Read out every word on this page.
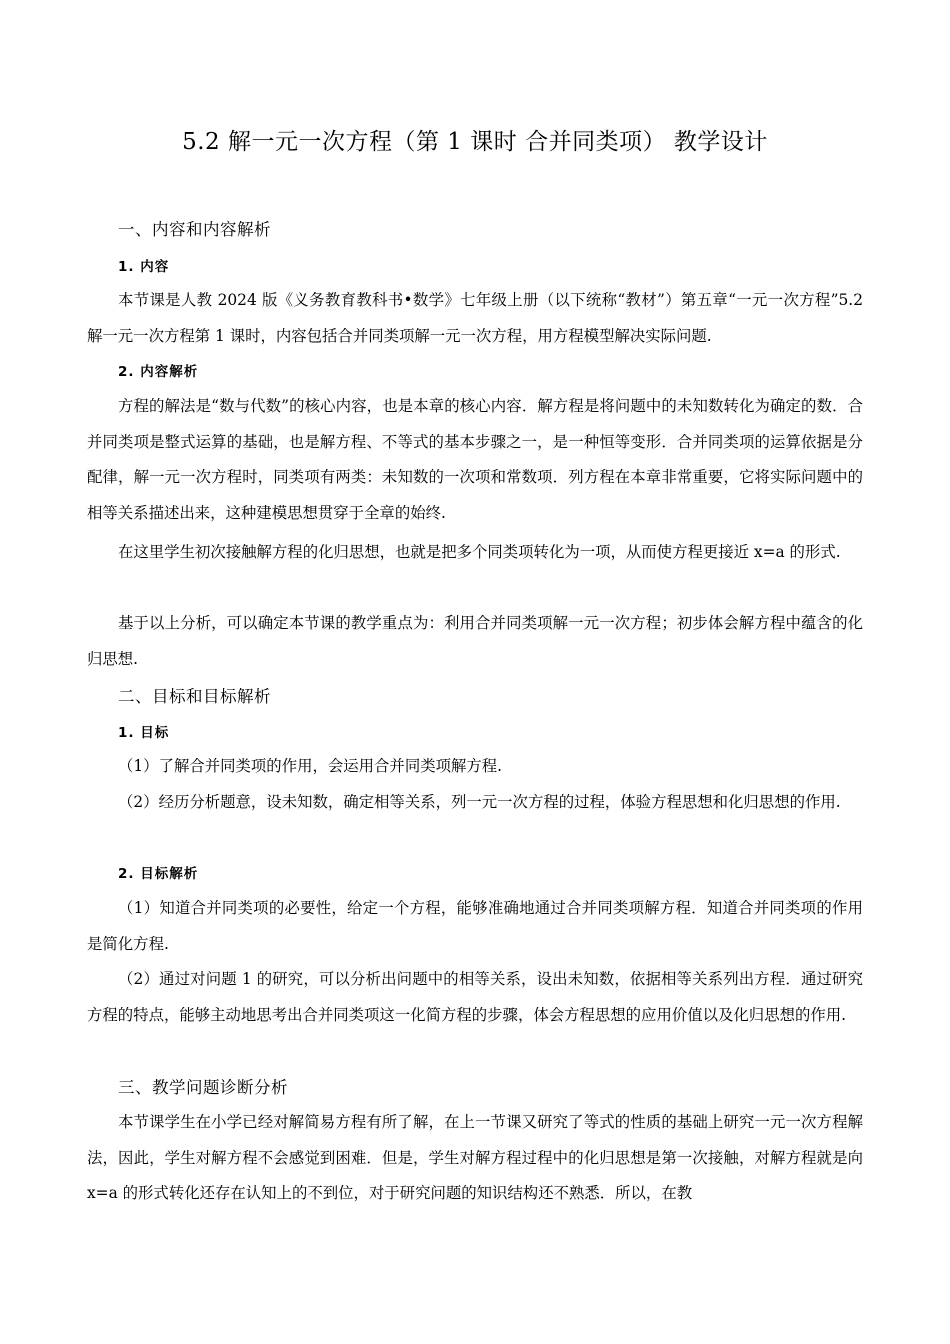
5.2 解一元一次方程（第 1 课时 合并同类项） 教学设计
一、内容和内容解析
1. 内容
本节课是人教 2024 版《义务教育教科书•数学》七年级上册（以下统称“教材”）第五章“一元一次方程”5.2 解一元一次方程第 1 课时，内容包括合并同类项解一元一次方程，用方程模型解决实际问题.
2. 内容解析
方程的解法是“数与代数”的核心内容，也是本章的核心内容．解方程是将问题中的未知数转化为确定的数．合并同类项是整式运算的基础，也是解方程、不等式的基本步骤之一，是一种恒等变形．合并同类项的运算依据是分配律，解一元一次方程时，同类项有两类：未知数的一次项和常数项．列方程在本章非常重要，它将实际问题中的相等关系描述出来，这种建模思想贯穿于全章的始终.
在这里学生初次接触解方程的化归思想，也就是把多个同类项转化为一项，从而使方程更接近 x=a 的形式.
基于以上分析，可以确定本节课的教学重点为：利用合并同类项解一元一次方程；初步体会解方程中蕴含的化归思想.
二、目标和目标解析
1. 目标
（1）了解合并同类项的作用，会运用合并同类项解方程.
（2）经历分析题意，设未知数，确定相等关系，列一元一次方程的过程，体验方程思想和化归思想的作用.
2. 目标解析
（1）知道合并同类项的必要性，给定一个方程，能够准确地通过合并同类项解方程．知道合并同类项的作用是简化方程.
（2）通过对问题 1 的研究，可以分析出问题中的相等关系，设出未知数，依据相等关系列出方程．通过研究方程的特点，能够主动地思考出合并同类项这一化简方程的步骤，体会方程思想的应用价值以及化归思想的作用.
三、教学问题诊断分析
本节课学生在小学已经对解简易方程有所了解，在上一节课又研究了等式的性质的基础上研究一元一次方程解法，因此，学生对解方程不会感觉到困难．但是，学生对解方程过程中的化归思想是第一次接触，对解方程就是向 x=a 的形式转化还存在认知上的不到位，对于研究问题的知识结构还不熟悉．所以，在教
